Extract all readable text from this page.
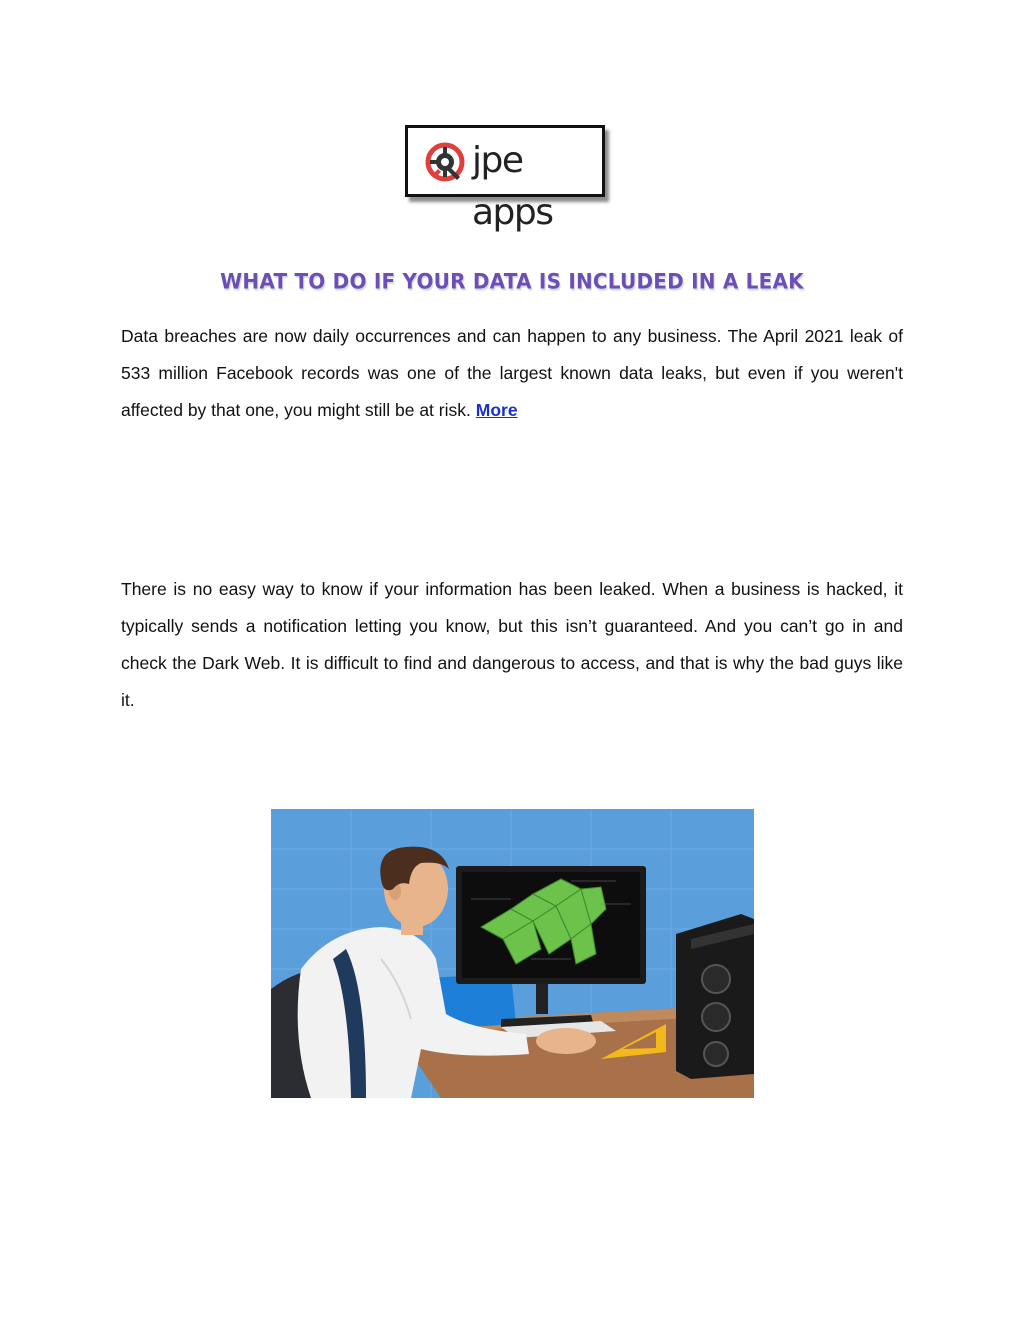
jpe apps
WHAT TO DO IF YOUR DATA IS INCLUDED IN A LEAK

Data breaches are now daily occurrences and can happen to any business. The April 2021 leak of 533 million Facebook records was one of the largest known data leaks, but even if you weren't affected by that one, you might still be at risk. More

There is no easy way to know if your information has been leaked. When a business is hacked, it typically sends a notification letting you know, but this isn’t guaranteed. And you can’t go in and check the Dark Web. It is difficult to find and dangerous to access, and that is why the bad guys like it.
